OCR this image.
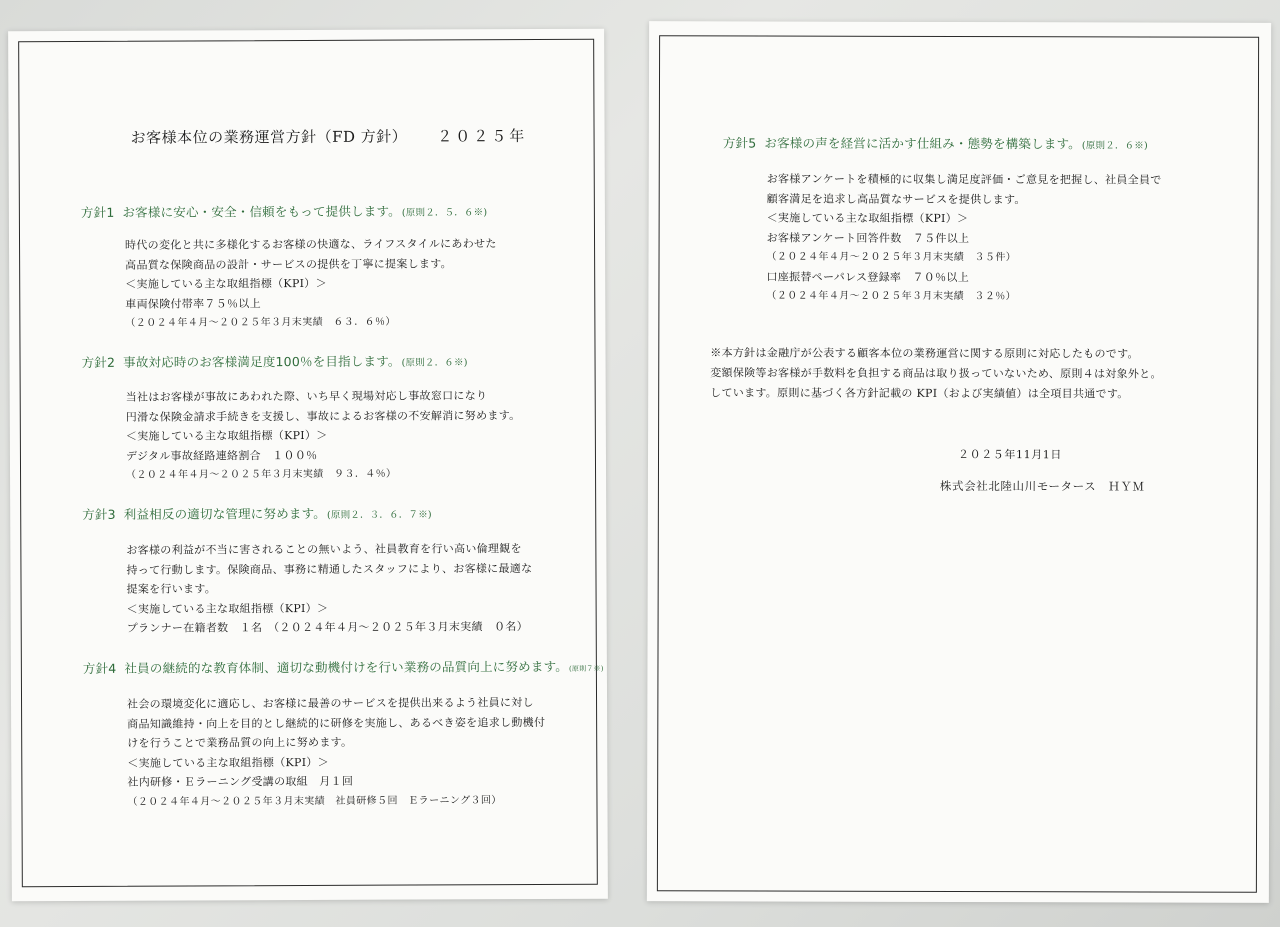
お客様本位の業務運営方針（FD 方針） ２０２５年
方針1 お客様に安心・安全・信頼をもって提供します。(原則２．５．６※)
時代の変化と共に多様化するお客様の快適な、ライフスタイルにあわせた
高品質な保険商品の設計・サービスの提供を丁寧に提案します。
＜実施している主な取組指標（KPI）＞
車両保険付帯率７５％以上
（２０２４年４月～２０２５年３月末実績　６３．６％）
方針2 事故対応時のお客様満足度100％を目指します。(原則２．６※)
当社はお客様が事故にあわれた際、いち早く現場対応し事故窓口になり
円滑な保険金請求手続きを支援し、事故によるお客様の不安解消に努めます。
＜実施している主な取組指標（KPI）＞
デジタル事故経路連絡割合　１００％
（２０２４年４月～２０２５年３月末実績　９３．４％）
方針3 利益相反の適切な管理に努めます。(原則２．３．６．７※)
お客様の利益が不当に害されることの無いよう、社員教育を行い高い倫理観を
持って行動します。保険商品、事務に精通したスタッフにより、お客様に最適な
提案を行います。
＜実施している主な取組指標（KPI）＞
プランナー在籍者数　１名　（２０２４年４月～２０２５年３月末実績　０名）
方針4 社員の継続的な教育体制、適切な動機付けを行い業務の品質向上に努めます。(原則７※)
社会の環境変化に適応し、お客様に最善のサービスを提供出来るよう社員に対し
商品知識維持・向上を目的とし継続的に研修を実施し、あるべき姿を追求し動機付
けを行うことで業務品質の向上に努めます。
＜実施している主な取組指標（KPI）＞
社内研修・Ｅラーニング受講の取組　月１回
（２０２４年４月～２０２５年３月末実績　社員研修５回　Ｅラーニング３回）
方針5 お客様の声を経営に活かす仕組み・態勢を構築します。(原則２．６※)
お客様アンケートを積極的に収集し満足度評価・ご意見を把握し、社員全員で
顧客満足を追求し高品質なサービスを提供します。
＜実施している主な取組指標（KPI）＞
お客様アンケート回答件数　７５件以上
（２０２４年４月～２０２５年３月末実績　３５件）
口座振替ペーパレス登録率　７０％以上
（２０２４年４月～２０２５年３月末実績　３２％）
※本方針は金融庁が公表する顧客本位の業務運営に関する原則に対応したものです。
変額保険等お客様が手数料を負担する商品は取り扱っていないため、原則４は対象外と。
しています。原則に基づく各方針記載の KPI（および実績値）は全項目共通です。
２０２５年11月1日
株式会社北陸山川モータース　ＨＹＭ
